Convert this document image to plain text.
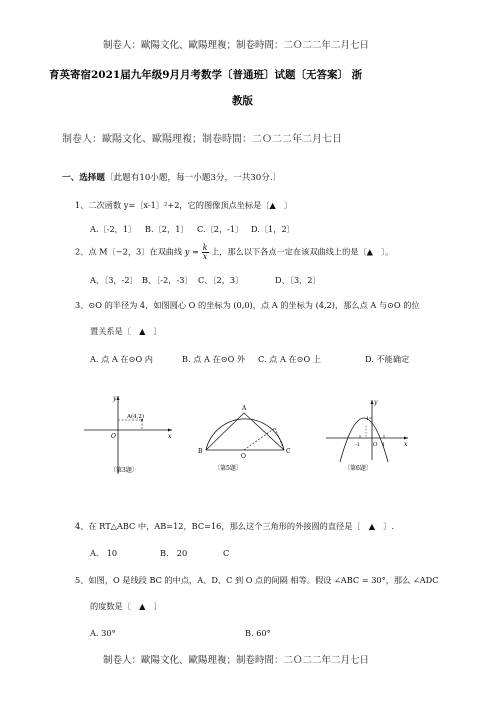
制卷人：歐陽文化、歐陽理複；制卷時間：二Ｏ二二年二月七日
育英寄宿2021届九年级9月月考数学〔普通班〕试题〔无答案〕 浙
教版
制卷人：歐陽文化、歐陽理複；制卷時間：二Ｏ二二年二月七日
一、选择题〔此题有10小题，每一小题3分，一共30分.〕
1、二次函数 y=〔x-1〕²+2，它的图像顶点坐标是〔▲　〕
A.〔-2，1〕 B.〔2，1〕 C.〔2，-1〕 D.〔1，2〕
2、点 M〔−2，3〕在双曲线 $y = \frac{k}{x}$ 上，那么以下各点一定在该双曲线上的是〔▲　〕。
A、〔3，-2〕 B、〔-2，-3〕 C、〔2，3〕	D、〔3，2〕
3、⊙O 的半径为 4，如图圆心 O 的坐标为 (0,0)，点 A 的坐标为 (4,2)，那么点 A 与⊙O 的位
置关系是〔　▲　〕
A. 点 A 在⊙O 内	B. 点 A 在⊙O 外 C. 点 A 在⊙O 上	D. 不能确定
y
x
O
A(4,2)
〔第3题〕
A
B	C
O
〔第5题〕
y
x
O 1
-1
1
〔第6题〕
4、在 RT△ABC 中，AB=12，BC=16，那么这个三角形的外接圆的直径是〔　▲　〕.
A.　10	B.　20	C
5、如图，O 是线段 BC 的中点，A、D、C 到 O 点的间隔 相等。假设 ∠ABC = 30°，那么 ∠ADC
的度数是〔　▲　〕
A. 30°	B. 60°
制卷人：歐陽文化、歐陽理複；制卷時間：二Ｏ二二年二月七日
